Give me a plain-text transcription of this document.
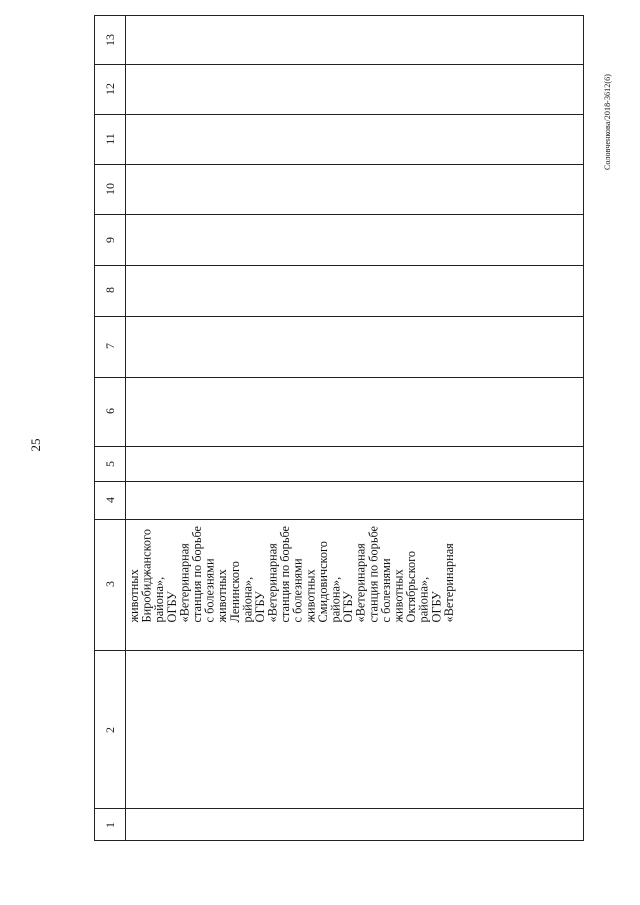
25
Соловченкова/2018-3612(6)
13
12
11
10
9
8
7
6
5
4
3
2
1
животных
Биробиджанского
района»,
ОГБУ
«Ветеринарная
станция по борьбе
с болезнями
животных
Ленинского
района»,
ОГБУ
«Ветеринарная
станция по борьбе
с болезнями
животных
Смидовичского
района»,
ОГБУ
«Ветеринарная
станция по борьбе
с болезнями
животных
Октябрьского
района»,
ОГБУ
«Ветеринарная
